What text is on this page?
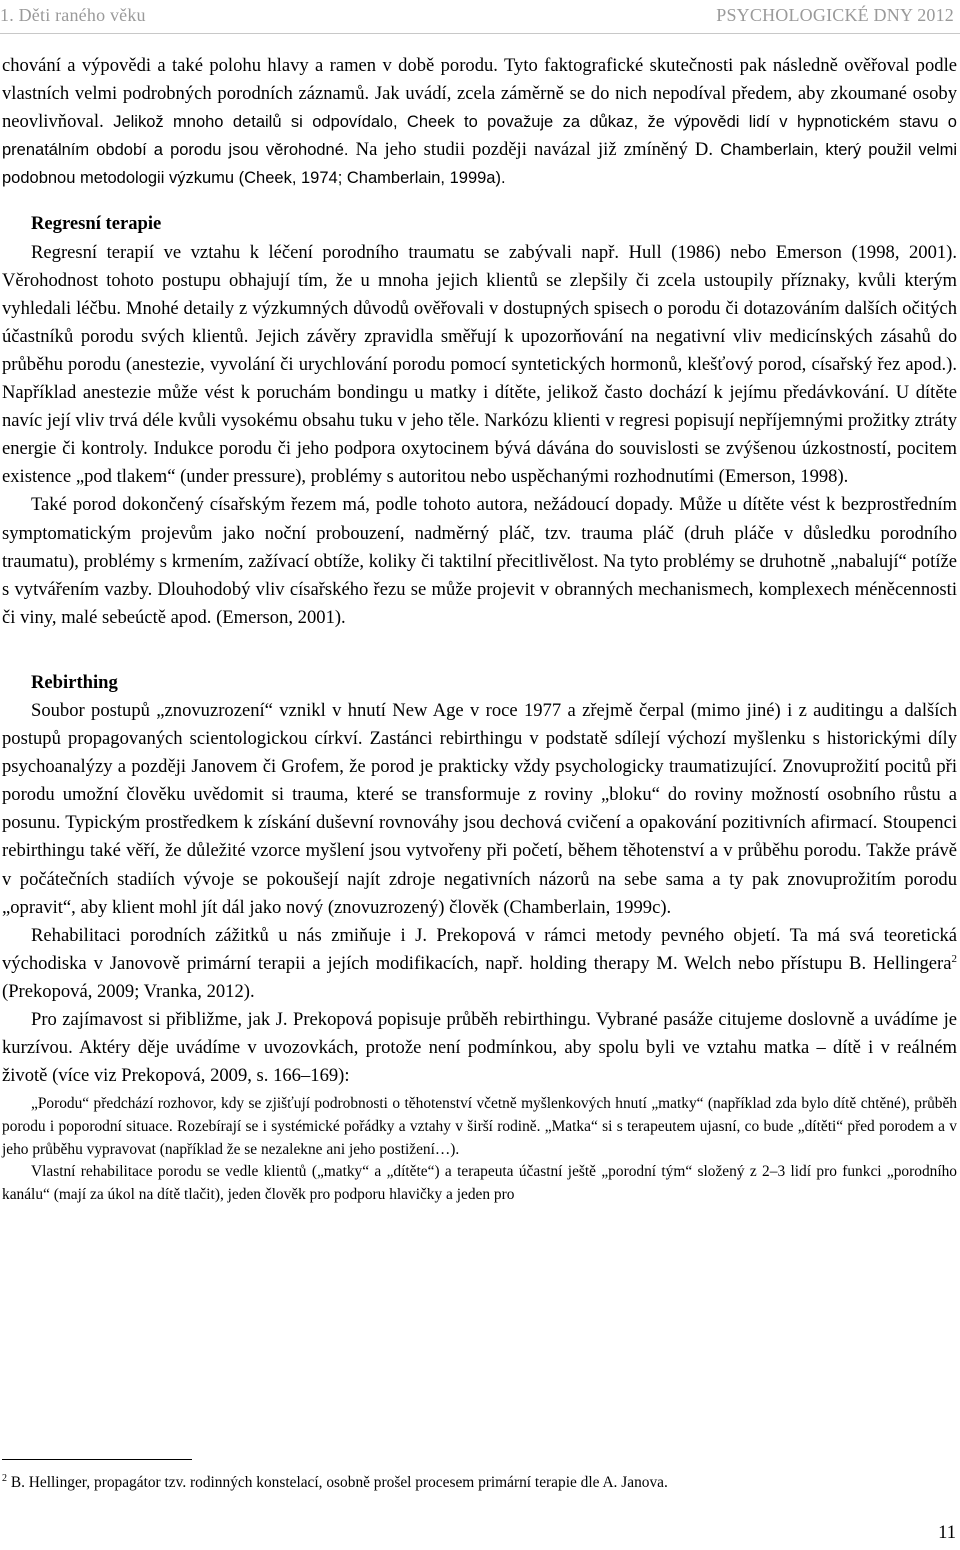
1. Děti raného věku	PSYCHOLOGICKÉ DNY 2012

chování a výpovědi a také polohu hlavy a ramen v době porodu. Tyto faktografické skutečnosti pak následně ověřoval podle vlastních velmi podrobných porodních záznamů. Jak uvádí, zcela záměrně se do nich nepodíval předem, aby zkoumané osoby neovlivňoval. Jelikož mnoho detailů si odpovídalo, Cheek to považuje za důkaz, že výpovědi lidí v hypnotickém stavu o prenatálním období a porodu jsou věrohodné. Na jeho studii později navázal již zmíněný D. Chamberlain, který použil velmi podobnou metodologii výzkumu (Cheek, 1974; Chamberlain, 1999a).

Regresní terapie

Regresní terapií ve vztahu k léčení porodního traumatu se zabývali např. Hull (1986) nebo Emerson (1998, 2001). Věrohodnost tohoto postupu obhajují tím, že u mnoha jejich klientů se zlepšily či zcela ustoupily příznaky, kvůli kterým vyhledali léčbu. Mnohé detaily z výzkumných důvodů ověřovali v dostupných spisech o porodu či dotazováním dalších očitých účastníků porodu svých klientů. Jejich závěry zpravidla směřují k upozorňování na negativní vliv medicínských zásahů do průběhu porodu (anestezie, vyvolání či urychlování porodu pomocí syntetických hormonů, klešťový porod, císařský řez apod.). Například anestezie může vést k poruchám bondingu u matky i dítěte, jelikož často dochází k jejímu předávkování. U dítěte navíc její vliv trvá déle kvůli vysokému obsahu tuku v jeho těle. Narkózu klienti v regresi popisují nepříjemnými prožitky ztráty energie či kontroly. Indukce porodu či jeho podpora oxytocinem bývá dávána do souvislosti se zvýšenou úzkostností, pocitem existence „pod tlakem“ (under pressure), problémy s autoritou nebo uspěchanými rozhodnutími (Emerson, 1998).

Také porod dokončený císařským řezem má, podle tohoto autora, nežádoucí dopady. Může u dítěte vést k bezprostředním symptomatickým projevům jako noční probouzení, nadměrný pláč, tzv. trauma pláč (druh pláče v důsledku porodního traumatu), problémy s krmením, zažívací obtíže, koliky či taktilní přecitlivělost. Na tyto problémy se druhotně „nabalují“ potíže s vytvářením vazby. Dlouhodobý vliv císařského řezu se může projevit v obranných mechanismech, komplexech méněcennosti či viny, malé sebeúctě apod. (Emerson, 2001).

Rebirthing

Soubor postupů „znovuzrození“ vznikl v hnutí New Age v roce 1977 a zřejmě čerpal (mimo jiné) i z auditingu a dalších postupů propagovaných scientologickou církví. Zastánci rebirthingu v podstatě sdílejí výchozí myšlenku s historickými díly psychoanalýzy a později Janovem či Grofem, že porod je prakticky vždy psychologicky traumatizující. Znovuprožití pocitů při porodu umožní člověku uvědomit si trauma, které se transformuje z roviny „bloku“ do roviny možností osobního růstu a posunu. Typickým prostředkem k získání duševní rovnováhy jsou dechová cvičení a opakování pozitivních afirmací. Stoupenci rebirthingu také věří, že důležité vzorce myšlení jsou vytvořeny při početí, během těhotenství a v průběhu porodu. Takže právě v počátečních stadiích vývoje se pokoušejí najít zdroje negativních názorů na sebe sama a ty pak znovuprožitím porodu „opravit“, aby klient mohl jít dál jako nový (znovuzrozený) člověk (Chamberlain, 1999c).

Rehabilitaci porodních zážitků u nás zmiňuje i J. Prekopová v rámci metody pevného objetí. Ta má svá teoretická východiska v Janovově primární terapii a jejích modifikacích, např. holding therapy M. Welch nebo přístupu B. Hellingera$^2$ (Prekopová, 2009; Vranka, 2012).

Pro zajímavost si přibližme, jak J. Prekopová popisuje průběh rebirthingu. Vybrané pasáže citujeme doslovně a uvádíme je kurzívou. Aktéry děje uvádíme v uvozovkách, protože není podmínkou, aby spolu byli ve vztahu matka – dítě i v reálném životě (více viz Prekopová, 2009, s. 166–169):

„Porodu“ předchází rozhovor, kdy se zjišťují podrobnosti o těhotenství včetně myšlenkových hnutí „matky“ (například zda bylo dítě chtěné), průběh porodu i poporodní situace. Rozebírají se i systémické pořádky a vztahy v širší rodině. „Matka“ si s terapeutem ujasní, co bude „dítěti“ před porodem a v jeho průběhu vypravovat (například že se nezalekne ani jeho postižení…).

Vlastní rehabilitace porodu se vedle klientů („matky“ a „dítěte“) a terapeuta účastní ještě „porodní tým“ složený z 2–3 lidí pro funkci „porodního kanálu“ (mají za úkol na dítě tlačit), jeden člověk pro podporu hlavičky a jeden pro

$^2$ B. Hellinger, propagátor tzv. rodinných konstelací, osobně prošel procesem primární terapie dle A. Janova.
11
